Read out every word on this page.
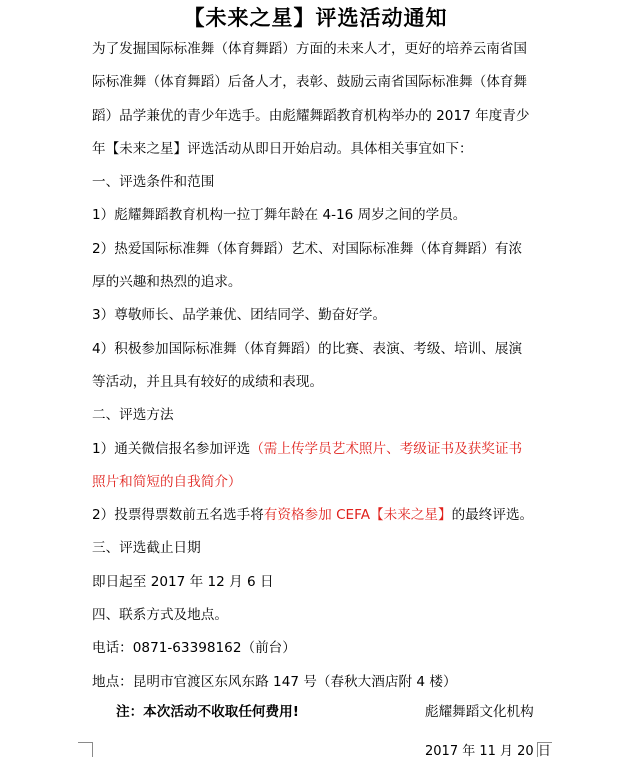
【未来之星】评选活动通知
为了发掘国际标准舞（体育舞蹈）方面的未来人才，更好的培养云南省国
际标准舞（体育舞蹈）后备人才，表彰、鼓励云南省国际标准舞（体育舞
蹈）品学兼优的青少年选手。由彪耀舞蹈教育机构举办的 2017 年度青少
年【未来之星】评选活动从即日开始启动。具体相关事宜如下：
一、评选条件和范围
1）彪耀舞蹈教育机构一拉丁舞年龄在 4-16 周岁之间的学员。
2）热爱国际标准舞（体育舞蹈）艺术、对国际标准舞（体育舞蹈）有浓
厚的兴趣和热烈的追求。
3）尊敬师长、品学兼优、团结同学、勤奋好学。
4）积极参加国际标准舞（体育舞蹈）的比赛、表演、考级、培训、展演
等活动，并且具有较好的成绩和表现。
二、评选方法
1）通关微信报名参加评选（需上传学员艺术照片、考级证书及获奖证书
照片和简短的自我简介）
2）投票得票数前五名选手将有资格参加 CEFA【未来之星】的最终评选。
三、评选截止日期
即日起至 2017 年 12 月 6 日
四、联系方式及地点。
电话：0871-63398162（前台）
地点：昆明市官渡区东风东路 147 号（春秋大酒店附 4 楼）
注：本次活动不收取任何费用!	彪耀舞蹈文化机构
2017 年 11 月 20 日
